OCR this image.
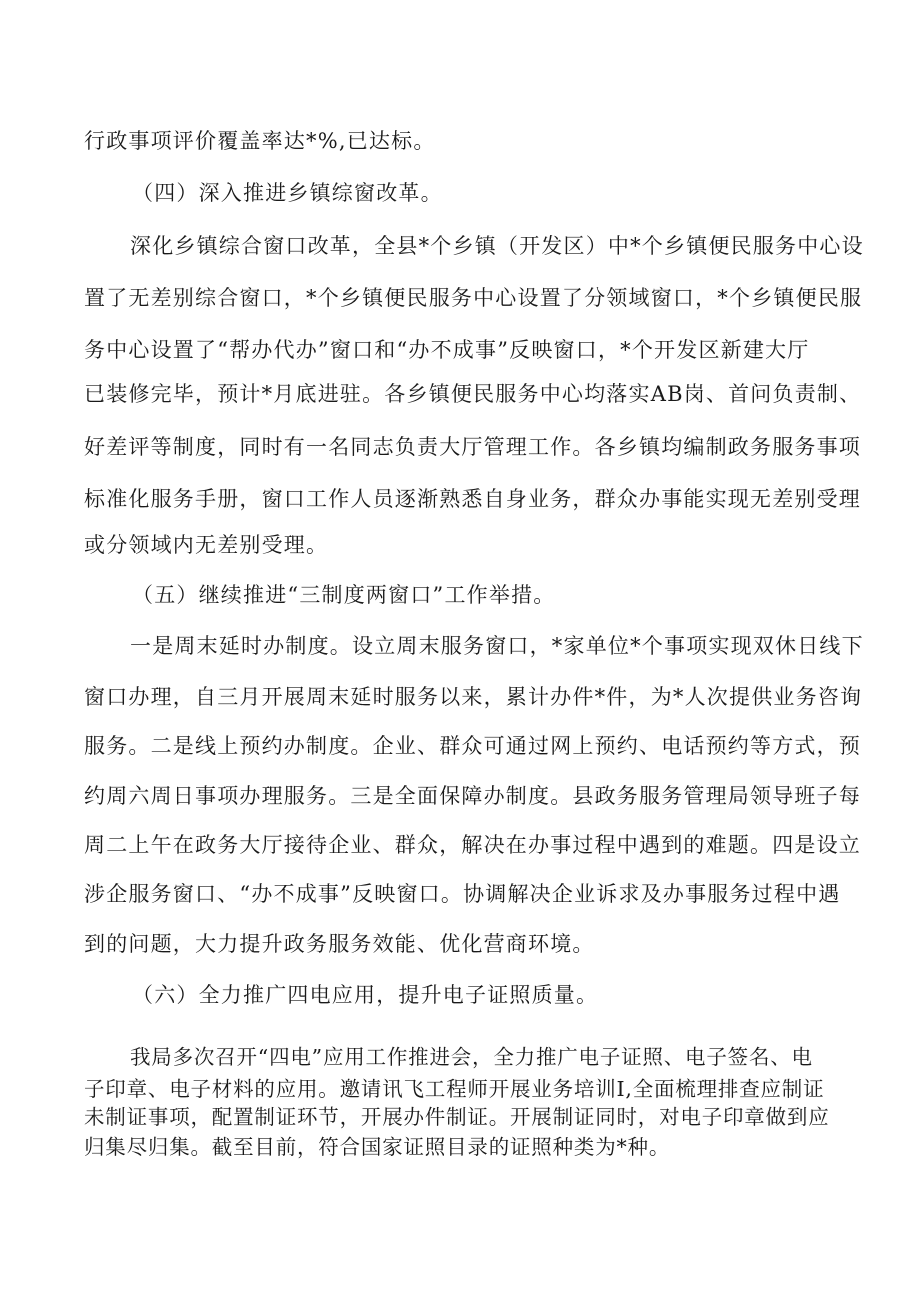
行政事项评价覆盖率达*%,已达标。
（四）深入推进乡镇综窗改革。
深化乡镇综合窗口改革，全县*个乡镇（开发区）中*个乡镇便民服务中心设
置了无差别综合窗口，*个乡镇便民服务中心设置了分领域窗口，*个乡镇便民服
务中心设置了“帮办代办”窗口和“办不成事”反映窗口，*个开发区新建大厅
已装修完毕，预计*月底进驻。各乡镇便民服务中心均落实AB岗、首问负责制、
好差评等制度，同时有一名同志负责大厅管理工作。各乡镇均编制政务服务事项
标准化服务手册，窗口工作人员逐渐熟悉自身业务，群众办事能实现无差别受理
或分领域内无差别受理。
（五）继续推进“三制度两窗口”工作举措。
一是周末延时办制度。设立周末服务窗口，*家单位*个事项实现双休日线下
窗口办理，自三月开展周末延时服务以来，累计办件*件，为*人次提供业务咨询
服务。二是线上预约办制度。企业、群众可通过网上预约、电话预约等方式，预
约周六周日事项办理服务。三是全面保障办制度。县政务服务管理局领导班子每
周二上午在政务大厅接待企业、群众，解决在办事过程中遇到的难题。四是设立
涉企服务窗口、“办不成事”反映窗口。协调解决企业诉求及办事服务过程中遇
到的问题，大力提升政务服务效能、优化营商环境。
（六）全力推广四电应用，提升电子证照质量。
我局多次召开“四电”应用工作推进会，全力推广电子证照、电子签名、电
子印章、电子材料的应用。邀请讯飞工程师开展业务培训I,全面梳理排查应制证
未制证事项，配置制证环节，开展办件制证。开展制证同时，对电子印章做到应
归集尽归集。截至目前，符合国家证照目录的证照种类为*种。
